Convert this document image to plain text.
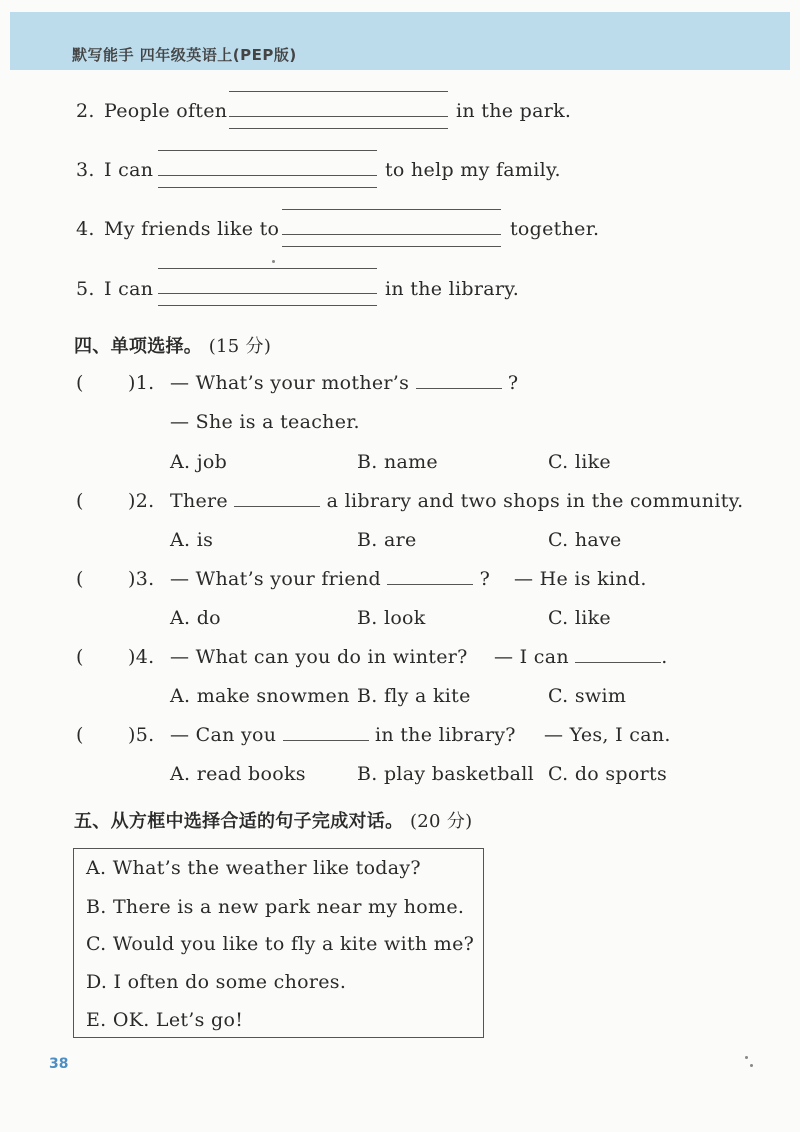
默写能手 四年级英语上(PEP版)
2. People often	in the park.
3. I can	to help my family.
4. My friends like to	together.
5. I can	in the library.
四、单项选择。 (15 分)
( )1. — What’s your mother’s	?
— She is a teacher.
A. job	B. name	C. like
( )2. There	a library and two shops in the community.
A. is	B. are	C. have
( )3. — What’s your friend	? — He is kind.
A. do	B. look	C. like
( )4. — What can you do in winter? — I can	.
A. make snowmen B. fly a kite	C. swim
( )5. — Can you	in the library? — Yes, I can.
A. read books	B. play basketball C. do sports
五、从方框中选择合适的句子完成对话。 (20 分)
A. What’s the weather like today?
B. There is a new park near my home.
C. Would you like to fly a kite with me?
D. I often do some chores.
E. OK. Let’s go!
38
